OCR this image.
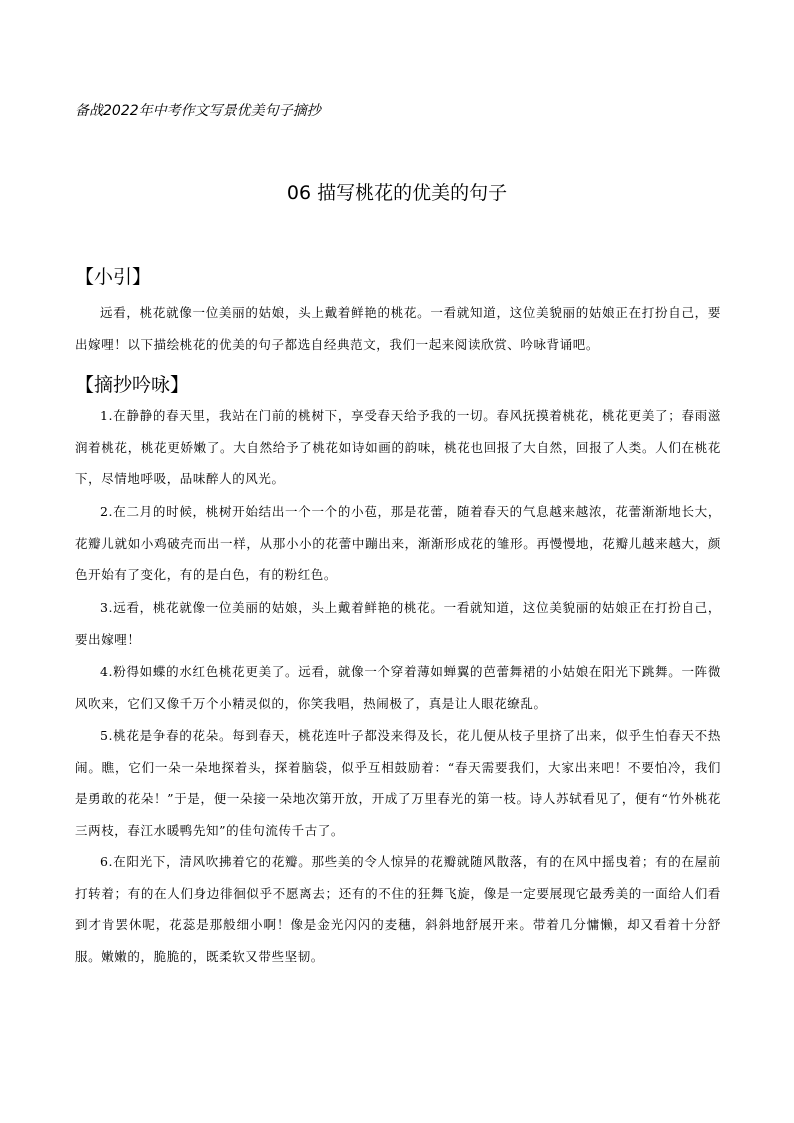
备战2022年中考作文写景优美句子摘抄
06 描写桃花的优美的句子
【小引】

远看，桃花就像一位美丽的姑娘，头上戴着鲜艳的桃花。一看就知道，这位美貌丽的姑娘正在打扮自己，要出嫁哩！以下描绘桃花的优美的句子都选自经典范文，我们一起来阅读欣赏、吟咏背诵吧。

【摘抄吟咏】

1.在静静的春天里，我站在门前的桃树下，享受春天给予我的一切。春风抚摸着桃花，桃花更美了；春雨滋润着桃花，桃花更娇嫩了。大自然给予了桃花如诗如画的韵味，桃花也回报了大自然，回报了人类。人们在桃花下，尽情地呼吸，品味醉人的风光。

2.在二月的时候，桃树开始结出一个一个的小苞，那是花蕾，随着春天的气息越来越浓，花蕾渐渐地长大，花瓣儿就如小鸡破壳而出一样，从那小小的花蕾中蹦出来，渐渐形成花的雏形。再慢慢地，花瓣儿越来越大，颜色开始有了变化，有的是白色，有的粉红色。

3.远看，桃花就像一位美丽的姑娘，头上戴着鲜艳的桃花。一看就知道，这位美貌丽的姑娘正在打扮自己，要出嫁哩！

4.粉得如蝶的水红色桃花更美了。远看，就像一个穿着薄如蝉翼的芭蕾舞裙的小姑娘在阳光下跳舞。一阵微风吹来，它们又像千万个小精灵似的，你笑我唱，热闹极了，真是让人眼花缭乱。

5.桃花是争春的花朵。每到春天，桃花连叶子都没来得及长，花儿便从枝子里挤了出来，似乎生怕春天不热闹。瞧，它们一朵一朵地探着头，探着脑袋，似乎互相鼓励着：“春天需要我们，大家出来吧！不要怕冷，我们是勇敢的花朵！”于是，便一朵接一朵地次第开放，开成了万里春光的第一枝。诗人苏轼看见了，便有“竹外桃花三两枝，春江水暖鸭先知”的佳句流传千古了。

6.在阳光下，清风吹拂着它的花瓣。那些美的令人惊异的花瓣就随风散落，有的在风中摇曳着；有的在屋前打转着；有的在人们身边徘徊似乎不愿离去；还有的不住的狂舞飞旋，像是一定要展现它最秀美的一面给人们看到才肯罢休呢，花蕊是那般细小啊！像是金光闪闪的麦穗，斜斜地舒展开来。带着几分慵懒，却又看着十分舒服。嫩嫩的，脆脆的，既柔软又带些坚韧。
